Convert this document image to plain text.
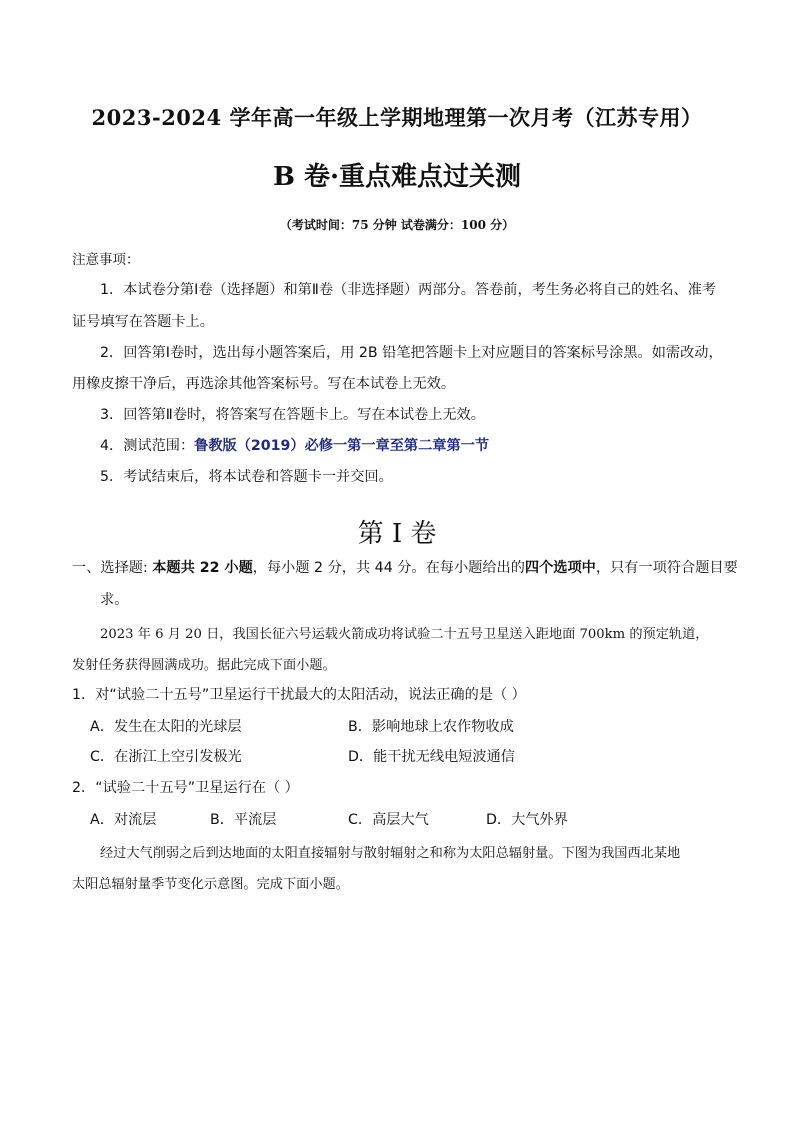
2023-2024 学年高一年级上学期地理第一次月考（江苏专用）
B 卷·重点难点过关测
（考试时间：75 分钟 试卷满分：100 分）
注意事项：
1．本试卷分第Ⅰ卷（选择题）和第Ⅱ卷（非选择题）两部分。答卷前，考生务必将自己的姓名、准考
证号填写在答题卡上。
2．回答第Ⅰ卷时，选出每小题答案后，用 2B 铅笔把答题卡上对应题目的答案标号涂黑。如需改动，
用橡皮擦干净后，再选涂其他答案标号。写在本试卷上无效。
3．回答第Ⅱ卷时，将答案写在答题卡上。写在本试卷上无效。
4．测试范围：鲁教版（2019）必修一第一章至第二章第一节
5．考试结束后，将本试卷和答题卡一并交回。
第 I 卷
一、选择题: 本题共 22 小题，每小题 2 分，共 44 分。在每小题给出的四个选项中，只有一项符合题目要
求。
2023 年 6 月 20 日，我国长征六号运载火箭成功将试验二十五号卫星送入距地面 700km 的预定轨道，
发射任务获得圆满成功。据此完成下面小题。
1．对“试验二十五号”卫星运行干扰最大的太阳活动，说法正确的是（ ）
A．发生在太阳的光球层	B．影响地球上农作物收成
C．在浙江上空引发极光	D．能干扰无线电短波通信
2．“试验二十五号”卫星运行在（ ）
A．对流层	B．平流层	C．高层大气	D．大气外界
经过大气削弱之后到达地面的太阳直接辐射与散射辐射之和称为太阳总辐射量。下图为我国西北某地
太阳总辐射量季节变化示意图。完成下面小题。
